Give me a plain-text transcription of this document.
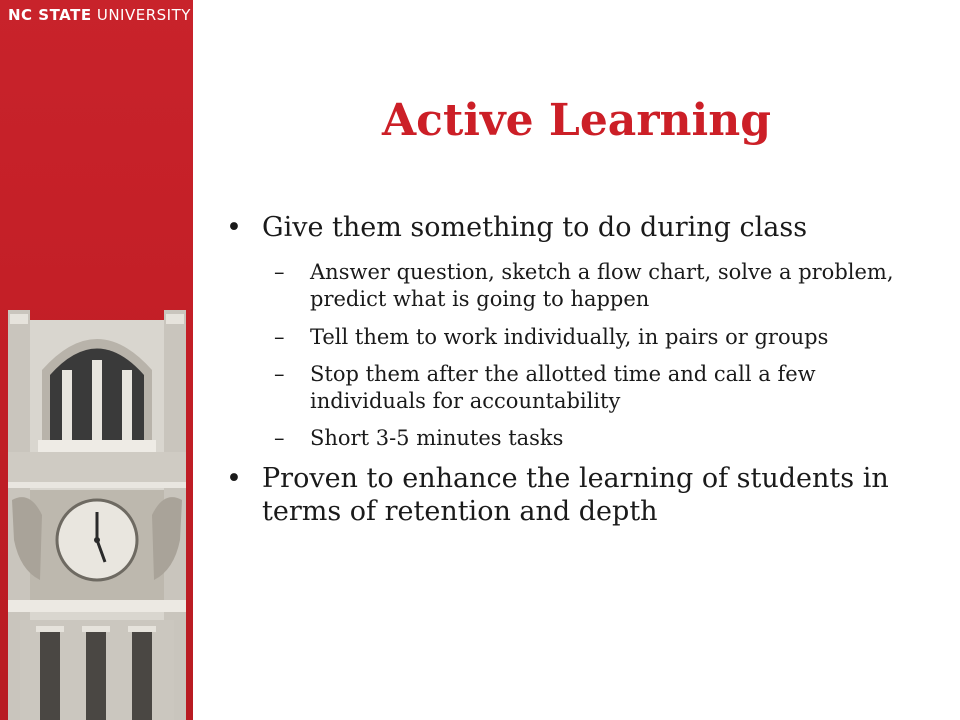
NC STATE UNIVERSITY
Active Learning
• Give them something to do during class
– Answer question, sketch a flow chart, solve a problem, predict what is going to happen
– Tell them to work individually, in pairs or groups
– Stop them after the allotted time and call a few individuals for accountability
– Short 3-5 minutes tasks
• Proven to enhance the learning of students in terms of retention and depth
